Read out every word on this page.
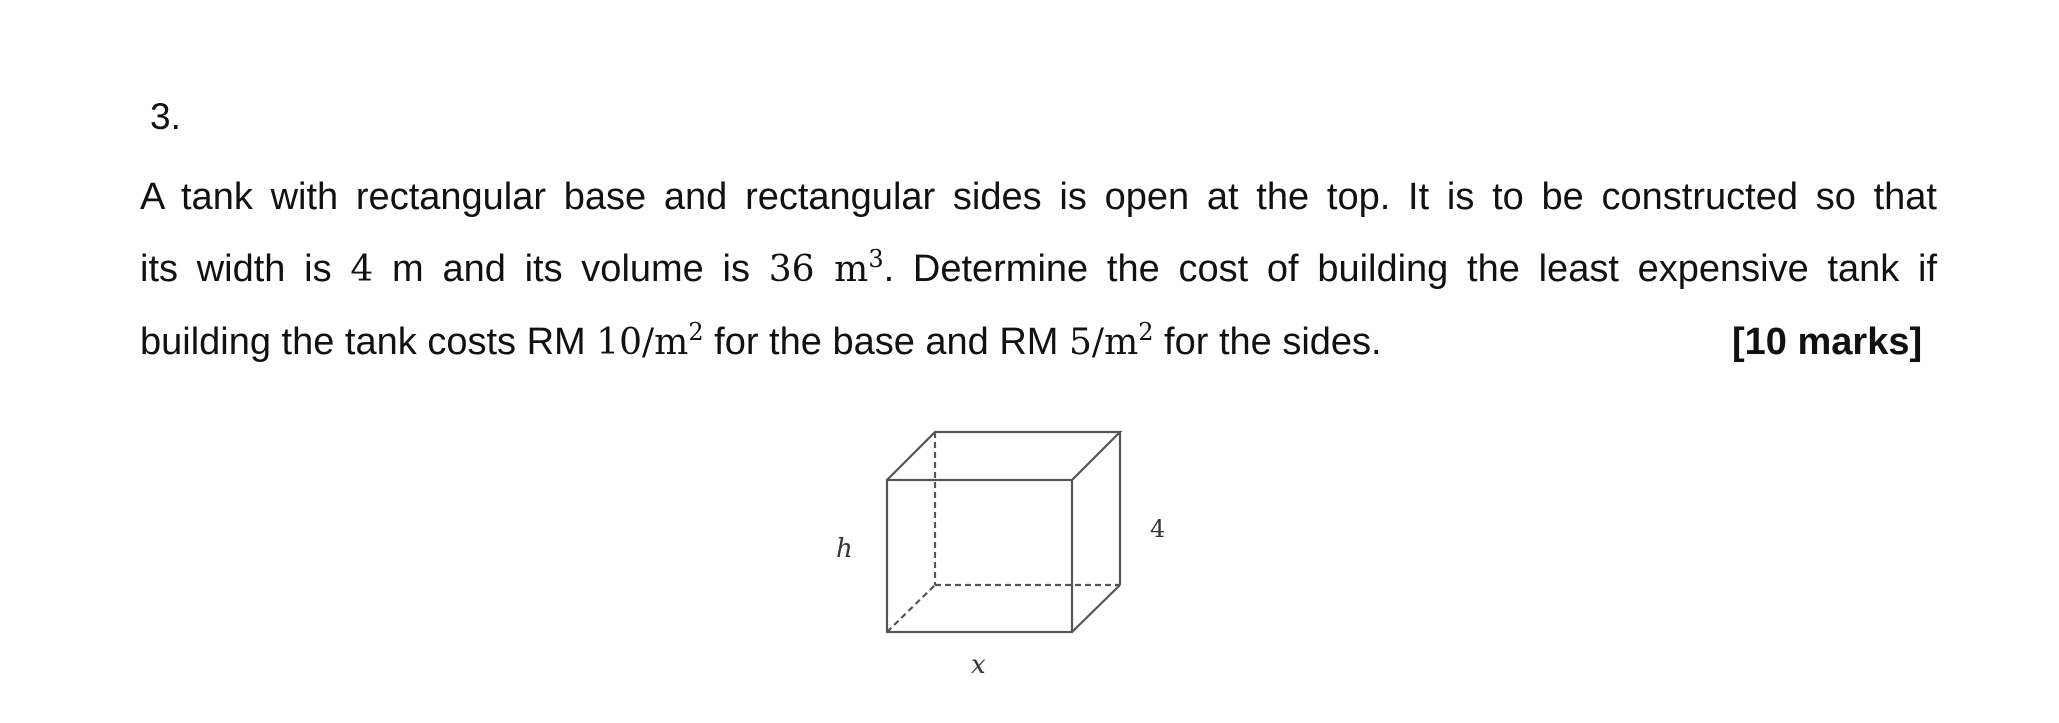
3.
A tank with rectangular base and rectangular sides is open at the top. It is to be constructed so that
its width is 4 m and its volume is 36 $m^3$. Determine the cost of building the least expensive tank if
building the tank costs RM $10/m^2$ for the base and RM $5/m^2$ for the sides.	[10 marks]
h
4
x
